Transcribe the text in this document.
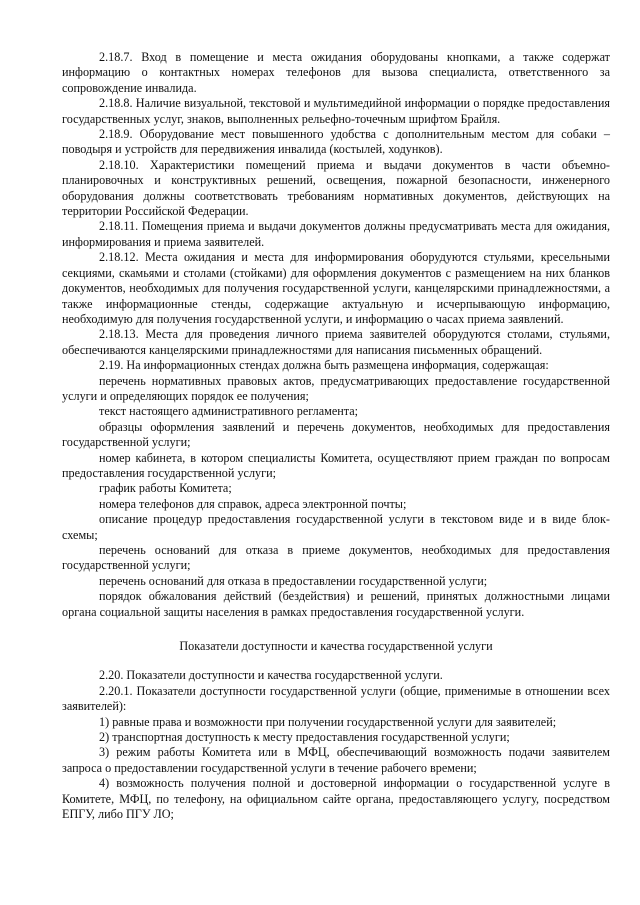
2.18.7. Вход в помещение и места ожидания оборудованы кнопками, а также содержат информацию о контактных номерах телефонов для вызова специалиста, ответственного за сопровождение инвалида.

2.18.8. Наличие визуальной, текстовой и мультимедийной информации о порядке предоставления государственных услуг, знаков, выполненных рельефно-точечным шрифтом Брайля.

2.18.9. Оборудование мест повышенного удобства с дополнительным местом для собаки – поводыря и устройств для передвижения инвалида (костылей, ходунков).

2.18.10. Характеристики помещений приема и выдачи документов в части объемно-планировочных и конструктивных решений, освещения, пожарной безопасности, инженерного оборудования должны соответствовать требованиям нормативных документов, действующих на территории Российской Федерации.

2.18.11. Помещения приема и выдачи документов должны предусматривать места для ожидания, информирования и приема заявителей.

2.18.12. Места ожидания и места для информирования оборудуются стульями, кресельными секциями, скамьями и столами (стойками) для оформления документов с размещением на них бланков документов, необходимых для получения государственной услуги, канцелярскими принадлежностями, а также информационные стенды, содержащие актуальную и исчерпывающую информацию, необходимую для получения государственной услуги, и информацию о часах приема заявлений.

2.18.13. Места для проведения личного приема заявителей оборудуются столами, стульями, обеспечиваются канцелярскими принадлежностями для написания письменных обращений.

2.19. На информационных стендах должна быть размещена информация, содержащая:

перечень нормативных правовых актов, предусматривающих предоставление государственной услуги и определяющих порядок ее получения;

текст настоящего административного регламента;

образцы оформления заявлений и перечень документов, необходимых для предоставления государственной услуги;

номер кабинета, в котором специалисты Комитета, осуществляют прием граждан по вопросам предоставления государственной услуги;

график работы Комитета;

номера телефонов для справок, адреса электронной почты;

описание процедур предоставления государственной услуги в текстовом виде и в виде блок-схемы;

перечень оснований для отказа в приеме документов, необходимых для предоставления государственной услуги;

перечень оснований для отказа в предоставлении государственной услуги;

порядок обжалования действий (бездействия) и решений, принятых должностными лицами органа социальной защиты населения в рамках предоставления государственной услуги.

Показатели доступности и качества государственной услуги

2.20. Показатели доступности и качества государственной услуги.

2.20.1. Показатели доступности государственной услуги (общие, применимые в отношении всех заявителей):

1) равные права и возможности при получении государственной услуги для заявителей;

2) транспортная доступность к месту предоставления государственной услуги;

3) режим работы Комитета или в МФЦ, обеспечивающий возможность подачи заявителем запроса о предоставлении государственной услуги в течение рабочего времени;

4) возможность получения полной и достоверной информации о государственной услуге в Комитете, МФЦ, по телефону, на официальном сайте органа, предоставляющего услугу, посредством ЕПГУ, либо ПГУ ЛО;
